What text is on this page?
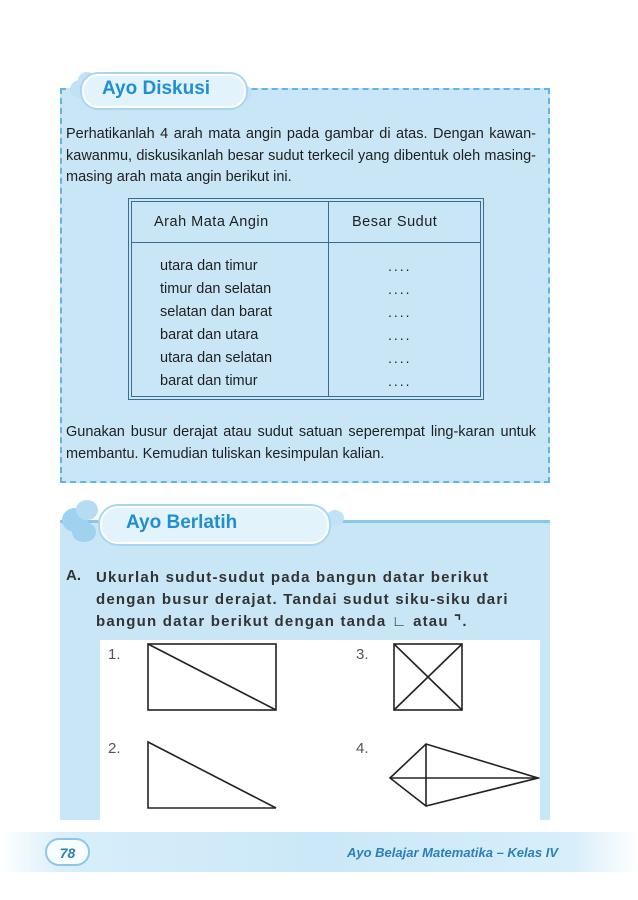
Ayo Diskusi

Perhatikanlah 4 arah mata angin pada gambar di atas. Dengan kawan-kawanmu, diskusikanlah besar sudut terkecil yang dibentuk oleh masing-masing arah mata angin berikut ini.

Arah Mata Angin	Besar Sudut
utara dan timur	....
timur dan selatan	....
selatan dan barat	....
barat dan utara	....
utara dan selatan	....
barat dan timur	....

Gunakan busur derajat atau sudut satuan seperempat ling-karan untuk membantu. Kemudian tuliskan kesimpulan kalian.

Ayo Berlatih
A. Ukurlah sudut-sudut pada bangun datar berikut dengan busur derajat. Tandai sudut siku-siku dari bangun datar berikut dengan tanda ∟ atau ⌝.

1.
2.
3.
4.
78	Ayo Belajar Matematika – Kelas IV
